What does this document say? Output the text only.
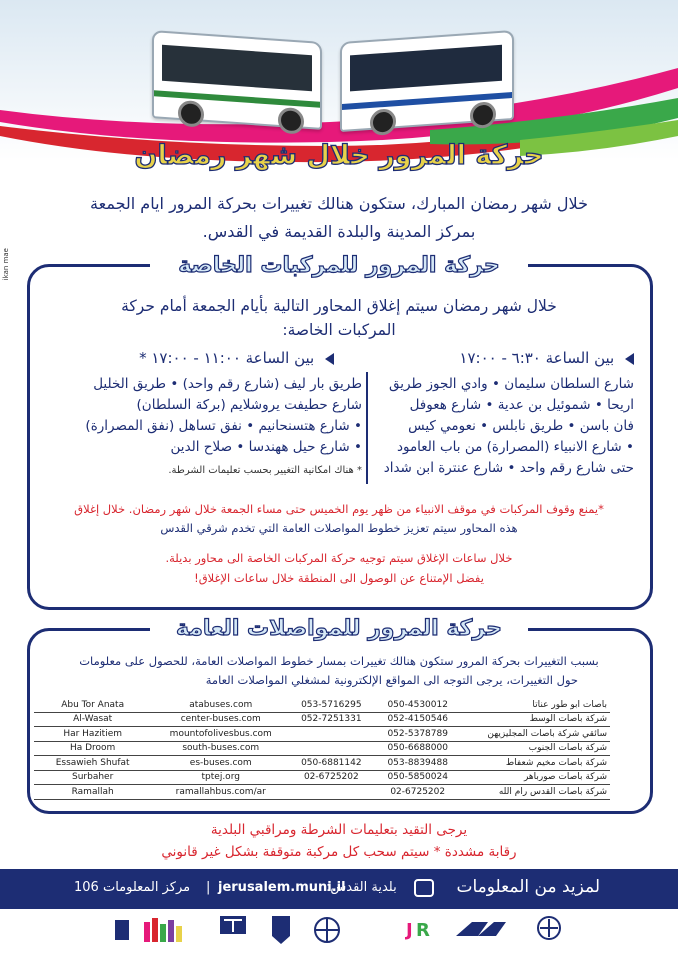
ikan mae
حركة المرور خلال شهر رمضان
خلال شهر رمضان المبارك، ستكون هنالك تغييرات بحركة المرور ايام الجمعة
بمركز المدينة والبلدة القديمة في القدس.
حركة المرور للمركبات الخاصة
خلال شهر رمضان سيتم إغلاق المحاور التالية بأيام الجمعة أمام حركة
المركبات الخاصة:
بين الساعة ٦:٣٠ - ١٧:٠٠
بين الساعة ١١:٠٠ - ١٧:٠٠ *
شارع السلطان سليمان • وادي الجوز طريق
اريحا • شموئيل بن عدية • شارع هعوفل
فان باسن • طريق نابلس • نعومي كيس
• شارع الانبياء (المصرارة) من باب العامود
حتى شارع رقم واحد • شارع عنترة ابن شداد
طريق بار ليف (شارع رقم واحد) • طريق الخليل
شارع حطيفت يروشلايم (بركة السلطان)
• شارع هتسنحانيم • نفق تساهل (نفق المصرارة)
• شارع حيل ههندسا • صلاح الدين
* هناك امكانية التغيير بحسب تعليمات الشرطة.
*يمنع وقوف المركبات في موقف الانبياء من ظهر يوم الخميس حتى مساء الجمعة خلال شهر رمضان. خلال إغلاق
هذه المحاور سيتم تعزيز خطوط المواصلات العامة التي تخدم شرقي القدس
خلال ساعات الإغلاق سيتم توجيه حركة المركبات الخاصة الى محاور بديلة.
يفضل الإمتناع عن الوصول الى المنطقة خلال ساعات الإغلاق!
حركة المرور للمواصلات العامة
بسبب التغييرات بحركة المرور ستكون هنالك تغييرات بمسار خطوط المواصلات العامة، للحصول على معلومات
حول التغييرات، يرجى التوجه الى المواقع الإلكترونية لمشغلي المواصلات العامة
Abu Tor Anata	atabuses.com	053-5716295	050-4530012	باصات ابو طور عناتا
Al-Wasat	center-buses.com	052-7251331	052-4150546	شركة باصات الوسط
Har Hazitiem	mountofolivesbus.com		052-5378789	سائقي شركة باصات المجليزيهن
Ha Droom	south-buses.com		050-6688000	شركة باصات الجنوب
Essawieh Shufat	es-buses.com	050-6881142	053-8839488	شركة باصات مخيم شعفاط
Surbaher	tptej.org	02-6725202	050-5850024	شركة باصات صورباهر
Ramallah	ramallahbus.com/ar		02-6725202	شركة باصات القدس رام الله
يرجى التقيد بتعليمات الشرطة ومراقبي البلدية
رقابة مشددة * سيتم سحب كل مركبة متوقفة بشكل غير قانوني
لمزيد من المعلومات
بلدية القدس:
jerusalem.muni.il
|
مركز المعلومات 106
J R
